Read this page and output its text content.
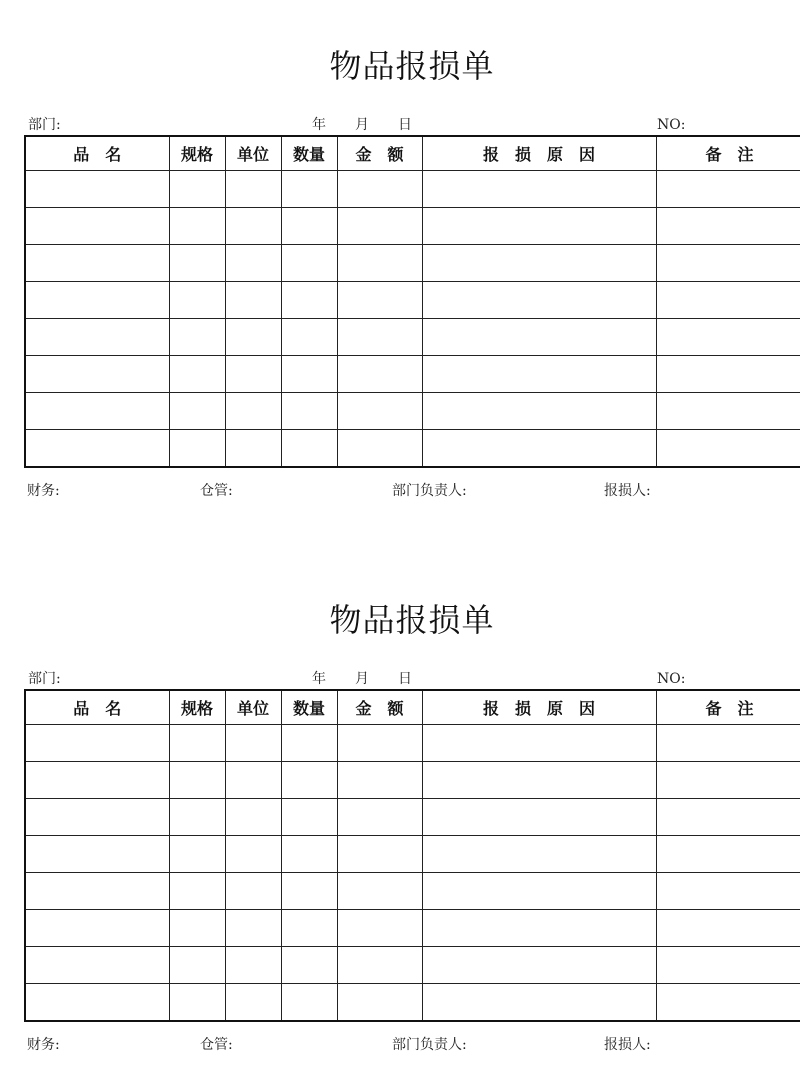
物品报损单
部门:	年 月 日	NO:
品　名	规格	单位	数量	金　额	报　损　原　因	备　注

财务:	仓管:	部门负责人:	报损人:
物品报损单
部门:	年 月 日	NO:
品　名	规格	单位	数量	金　额	报　损　原　因	备　注

财务:	仓管:	部门负责人:	报损人:
